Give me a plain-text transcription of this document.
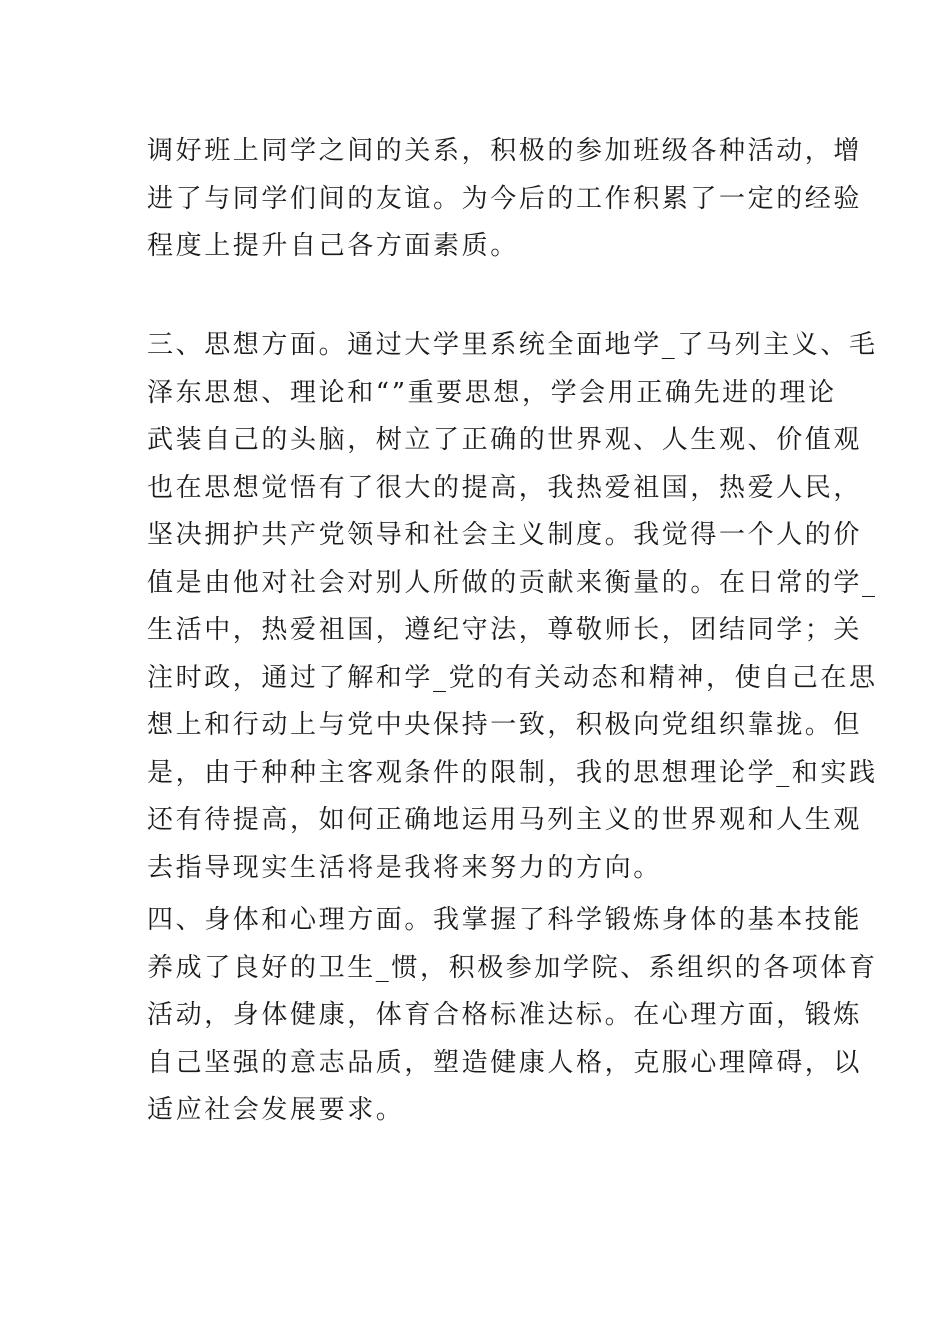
调好班上同学之间的关系，积极的参加班级各种活动，增
进了与同学们间的友谊。为今后的工作积累了一定的经验
程度上提升自己各方面素质。
三、思想方面。通过大学里系统全面地学_了马列主义、毛
泽东思想、理论和“”重要思想，学会用正确先进的理论
武装自己的头脑，树立了正确的世界观、人生观、价值观
也在思想觉悟有了很大的提高，我热爱祖国，热爱人民，
坚决拥护共产党领导和社会主义制度。我觉得一个人的价
值是由他对社会对别人所做的贡献来衡量的。在日常的学_
生活中，热爱祖国，遵纪守法，尊敬师长，团结同学；关
注时政，通过了解和学_党的有关动态和精神，使自己在思
想上和行动上与党中央保持一致，积极向党组织靠拢。但
是，由于种种主客观条件的限制，我的思想理论学_和实践
还有待提高，如何正确地运用马列主义的世界观和人生观
去指导现实生活将是我将来努力的方向。
四、身体和心理方面。我掌握了科学锻炼身体的基本技能
养成了良好的卫生_惯，积极参加学院、系组织的各项体育
活动，身体健康，体育合格标准达标。在心理方面，锻炼
自己坚强的意志品质，塑造健康人格，克服心理障碍，以
适应社会发展要求。
